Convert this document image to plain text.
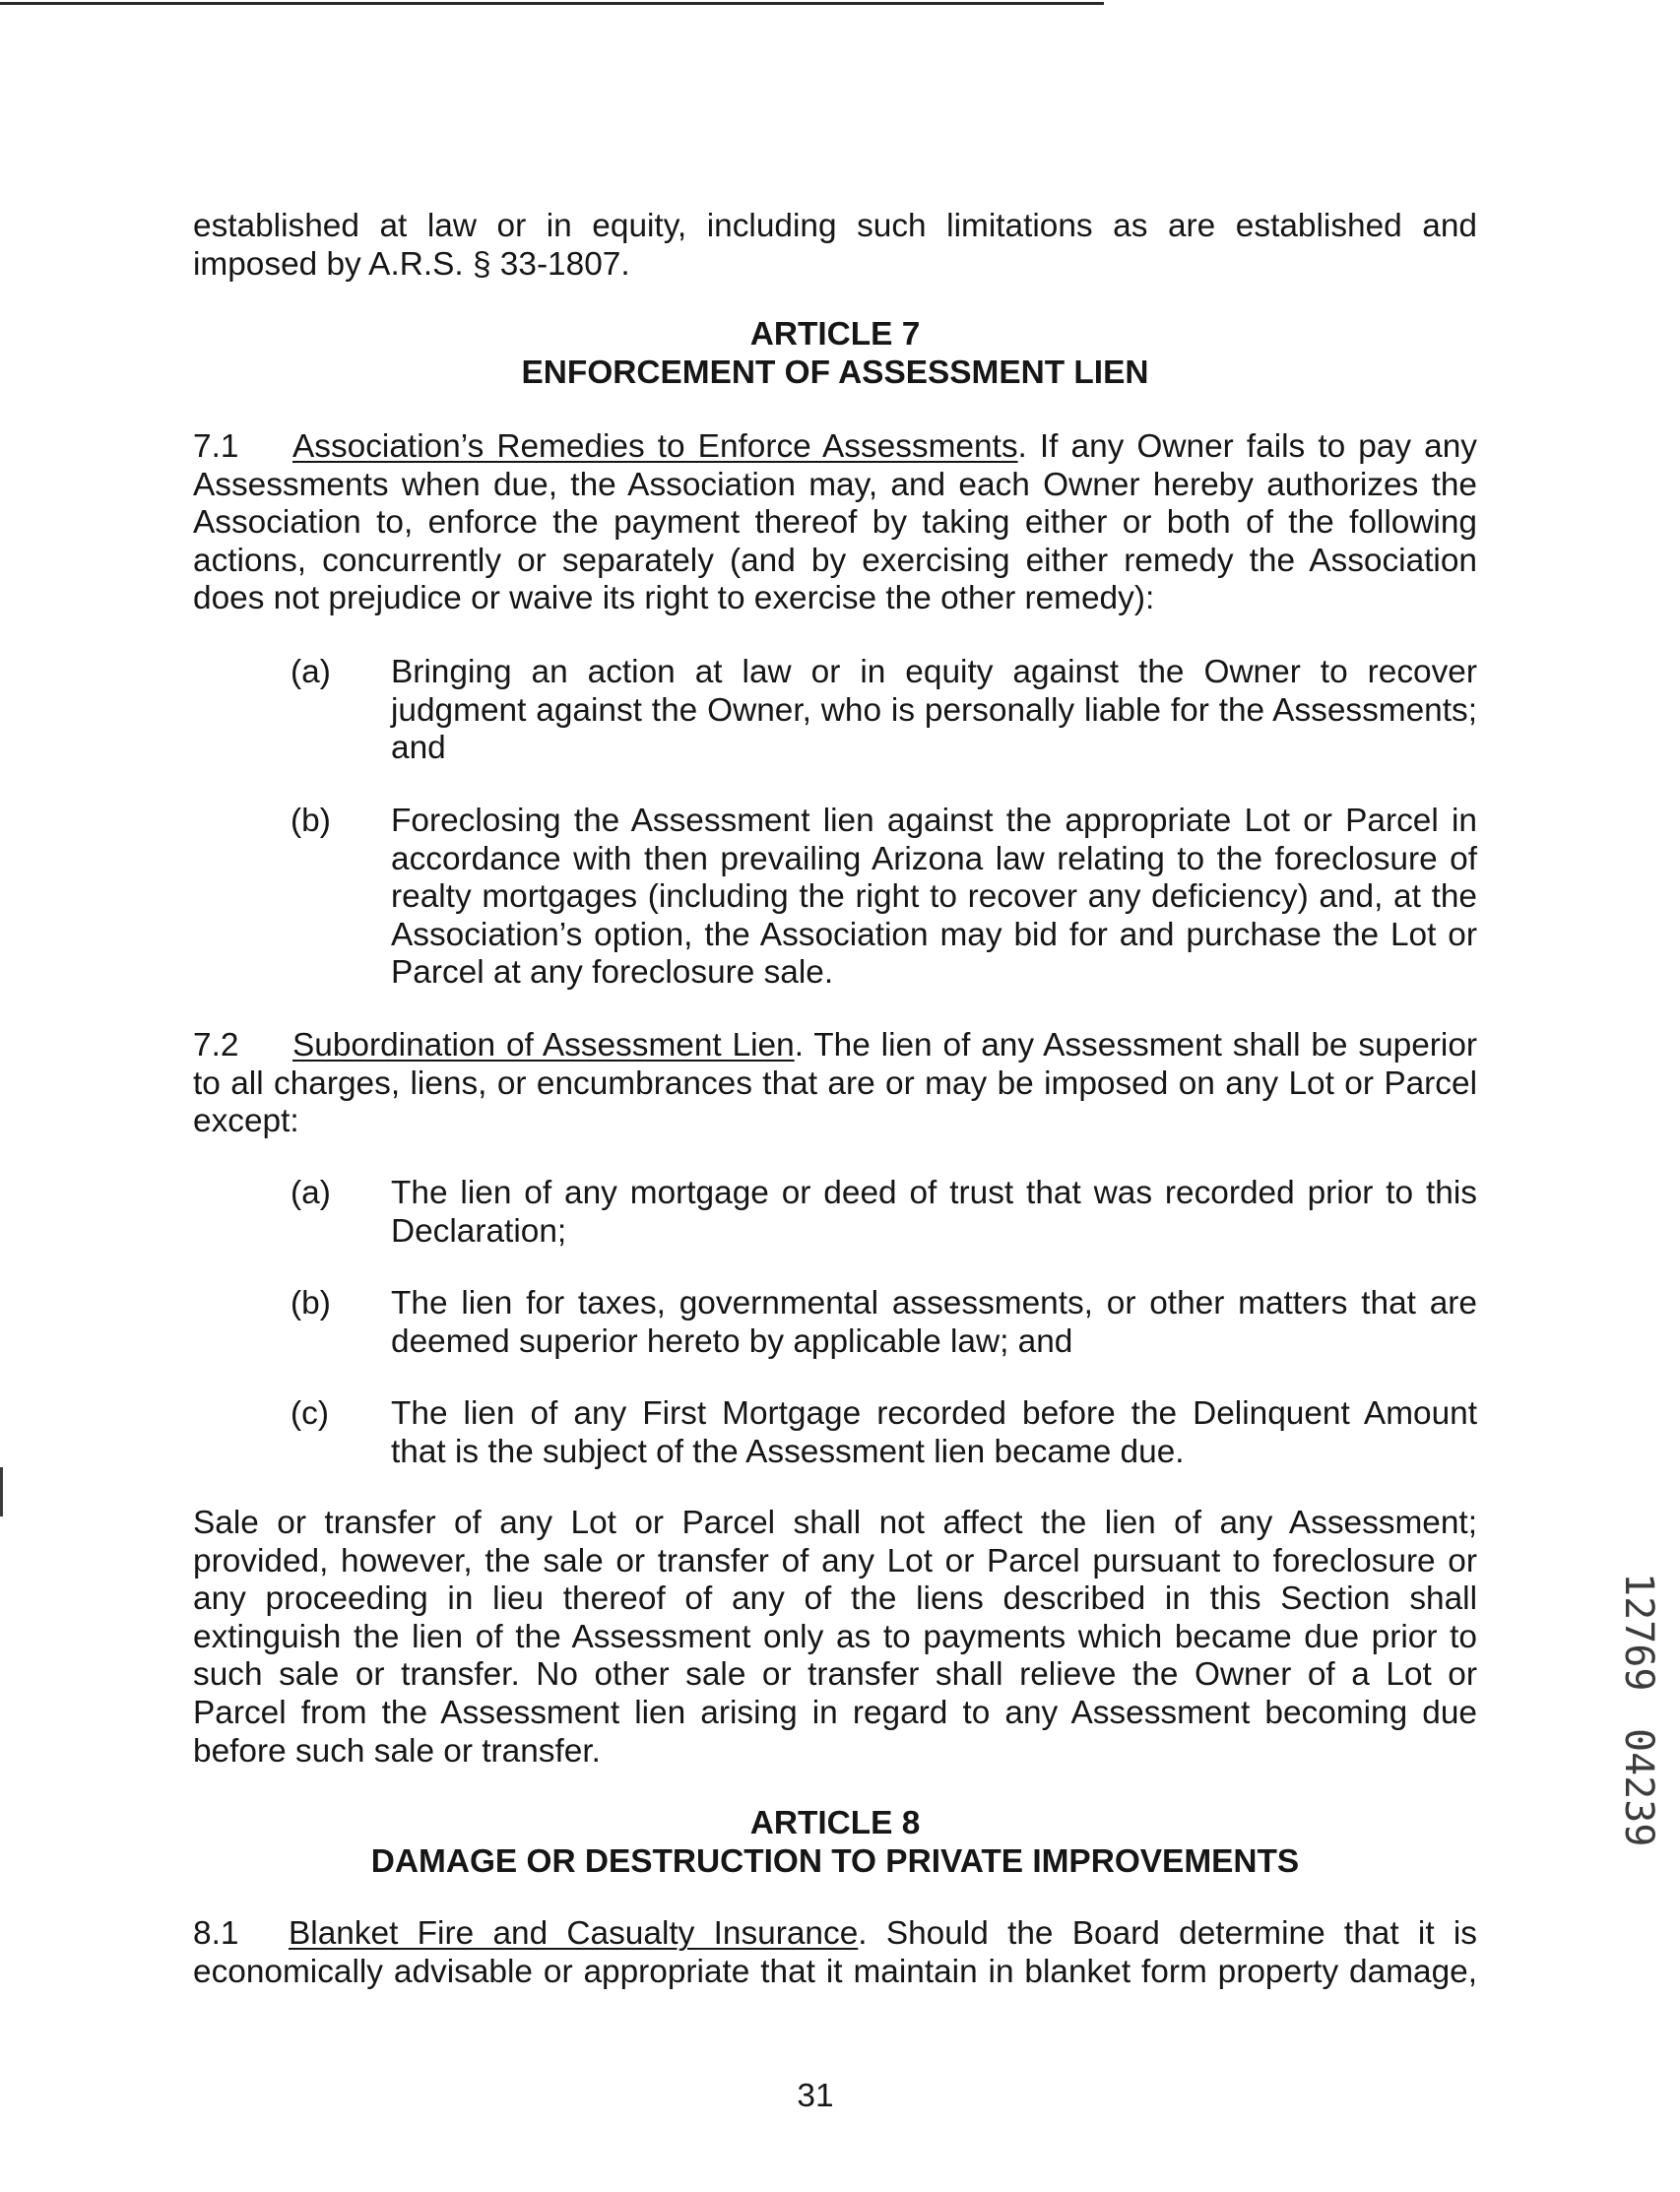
established at law or in equity, including such limitations as are established and
imposed by A.R.S. § 33-1807.
ARTICLE 7
ENFORCEMENT OF ASSESSMENT LIEN
7.1 Association’s Remedies to Enforce Assessments. If any Owner fails to pay any
Assessments when due, the Association may, and each Owner hereby authorizes the
Association to, enforce the payment thereof by taking either or both of the following
actions, concurrently or separately (and by exercising either remedy the Association
does not prejudice or waive its right to exercise the other remedy):
(a) Bringing an action at law or in equity against the Owner to recover
judgment against the Owner, who is personally liable for the Assessments;
and
(b) Foreclosing the Assessment lien against the appropriate Lot or Parcel in
accordance with then prevailing Arizona law relating to the foreclosure of
realty mortgages (including the right to recover any deficiency) and, at the
Association’s option, the Association may bid for and purchase the Lot or
Parcel at any foreclosure sale.
7.2 Subordination of Assessment Lien. The lien of any Assessment shall be superior
to all charges, liens, or encumbrances that are or may be imposed on any Lot or Parcel
except:
(a) The lien of any mortgage or deed of trust that was recorded prior to this
Declaration;
(b) The lien for taxes, governmental assessments, or other matters that are
deemed superior hereto by applicable law; and
(c) The lien of any First Mortgage recorded before the Delinquent Amount
that is the subject of the Assessment lien became due.
Sale or transfer of any Lot or Parcel shall not affect the lien of any Assessment;
provided, however, the sale or transfer of any Lot or Parcel pursuant to foreclosure or
any proceeding in lieu thereof of any of the liens described in this Section shall
extinguish the lien of the Assessment only as to payments which became due prior to
such sale or transfer. No other sale or transfer shall relieve the Owner of a Lot or
Parcel from the Assessment lien arising in regard to any Assessment becoming due
before such sale or transfer.
ARTICLE 8
DAMAGE OR DESTRUCTION TO PRIVATE IMPROVEMENTS
8.1 Blanket Fire and Casualty Insurance. Should the Board determine that it is
economically advisable or appropriate that it maintain in blanket form property damage,
31
1276904239
